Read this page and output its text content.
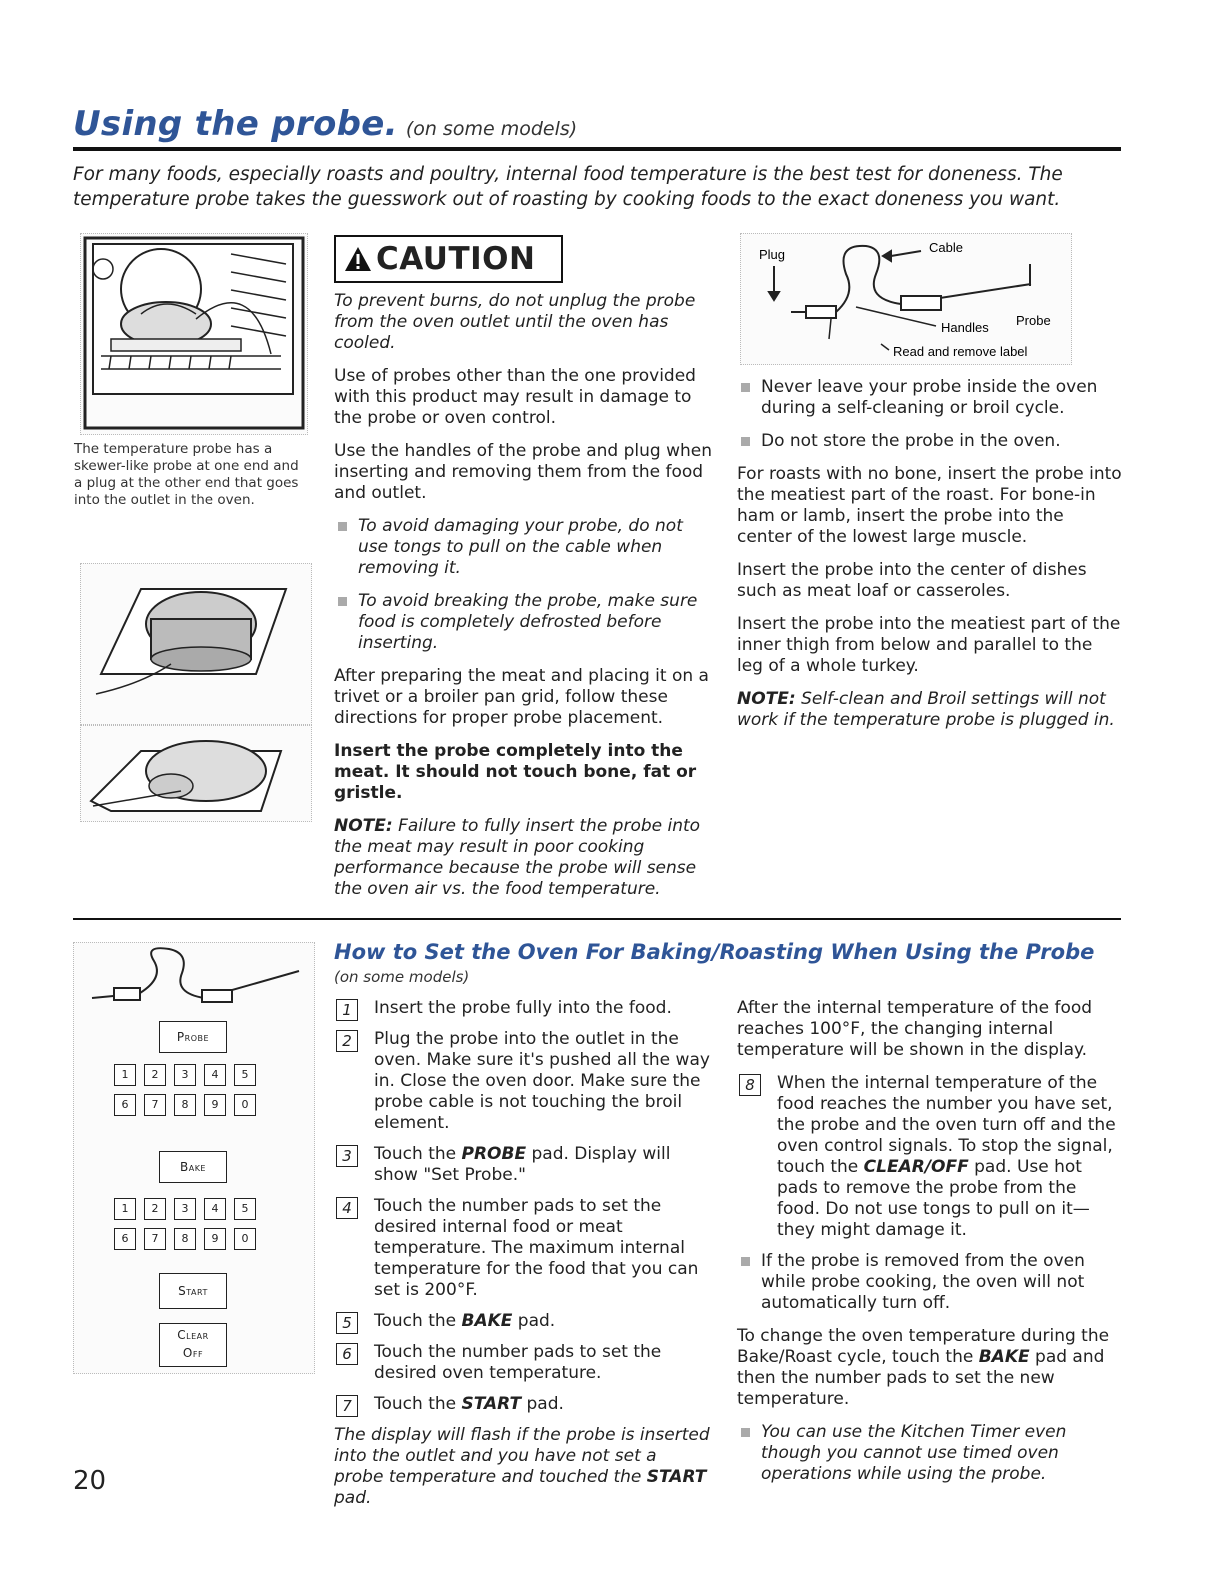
Using the probe. (on some models)
For many foods, especially roasts and poultry, internal food temperature is the best test for doneness. The temperature probe takes the guesswork out of roasting by cooking foods to the exact doneness you want.
The temperature probe has a skewer-like probe at one end and a plug at the other end that goes into the outlet in the oven.
CAUTION

To prevent burns, do not unplug the probe from the oven outlet until the oven has cooled.

Use of probes other than the one provided with this product may result in damage to the probe or oven control.

Use the handles of the probe and plug when inserting and removing them from the food and outlet.

To avoid damaging your probe, do not use tongs to pull on the cable when removing it.
To avoid breaking the probe, make sure food is completely defrosted before inserting.

After preparing the meat and placing it on a trivet or a broiler pan grid, follow these directions for proper probe placement.

Insert the probe completely into the meat. It should not touch bone, fat or gristle.

NOTE: Failure to fully insert the probe into the meat may result in poor cooking performance because the probe will sense the oven air vs. the food temperature.

Plug	Cable
Handles Probe
Read and remove label
Never leave your probe inside the oven during a self-cleaning or broil cycle.
Do not store the probe in the oven.

For roasts with no bone, insert the probe into the meatiest part of the roast. For bone-in ham or lamb, insert the probe into the center of the lowest large muscle.

Insert the probe into the center of dishes such as meat loaf or casseroles.

Insert the probe into the meatiest part of the inner thigh from below and parallel to the leg of a whole turkey.

NOTE: Self-clean and Broil settings will not work if the temperature probe is plugged in.

Probe
1	2	3	4	5
6	7	8	9	0
Bake
1	2	3	4	5
6	7	8	9	0
Start
Clear
Off
How to Set the Oven For Baking/Roasting When Using the Probe
(on some models)
1	Insert the probe fully into the food.
2	Plug the probe into the outlet in the oven. Make sure it's pushed all the way in. Close the oven door. Make sure the probe cable is not touching the broil element.
3	Touch the PROBE pad. Display will show "Set Probe."
4	Touch the number pads to set the desired internal food or meat temperature. The maximum internal temperature for the food that you can set is 200°F.
5	Touch the BAKE pad.
6	Touch the number pads to set the desired oven temperature.
7	Touch the START pad.

The display will flash if the probe is inserted into the outlet and you have not set a probe temperature and touched the START pad.

After the internal temperature of the food reaches 100°F, the changing internal temperature will be shown in the display.

8	When the internal temperature of the food reaches the number you have set, the probe and the oven turn off and the oven control signals. To stop the signal, touch the CLEAR/OFF pad. Use hot pads to remove the probe from the food. Do not use tongs to pull on it—they might damage it.
If the probe is removed from the oven while probe cooking, the oven will not automatically turn off.

To change the oven temperature during the Bake/Roast cycle, touch the BAKE pad and then the number pads to set the new temperature.

You can use the Kitchen Timer even though you cannot use timed oven operations while using the probe.
20
